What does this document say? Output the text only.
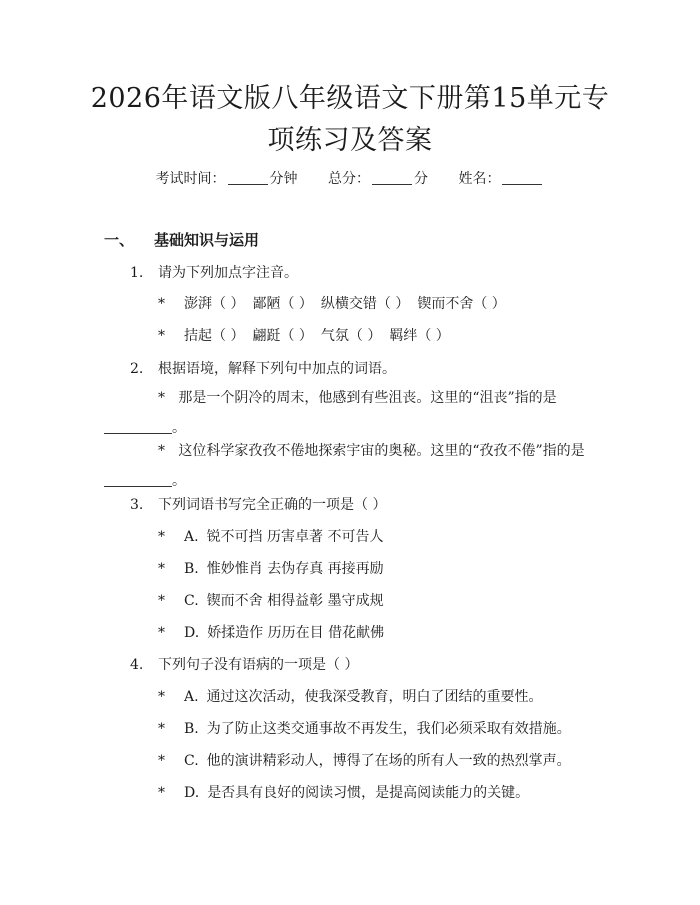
2026年语文版八年级语文下册第15单元专
项练习及答案
考试时间：	分钟 总分：	分 姓名：
一、 基础知识与运用
1. 请为下列加点字注音。
* 澎湃（ ） 鄙陋（ ） 纵横交错（ ） 锲而不舍（ ）
* 拮起（ ） 翩跹（ ） 气氛（ ） 羁绊（ ）
2. 根据语境，解释下列句中加点的词语。
* 那是一个阴冷的周末，他感到有些沮丧。这里的“沮丧”指的是
。
* 这位科学家孜孜不倦地探索宇宙的奥秘。这里的“孜孜不倦”指的是
。
3. 下列词语书写完全正确的一项是（ ）
* A. 锐不可挡 历害卓著 不可告人
* B. 惟妙惟肖 去伪存真 再接再励
* C. 锲而不舍 相得益彰 墨守成规
* D. 娇揉造作 历历在目 借花献佛
4. 下列句子没有语病的一项是（ ）
* A. 通过这次活动，使我深受教育，明白了团结的重要性。
* B. 为了防止这类交通事故不再发生，我们必须采取有效措施。
* C. 他的演讲精彩动人，博得了在场的所有人一致的热烈掌声。
* D. 是否具有良好的阅读习惯，是提高阅读能力的关键。
